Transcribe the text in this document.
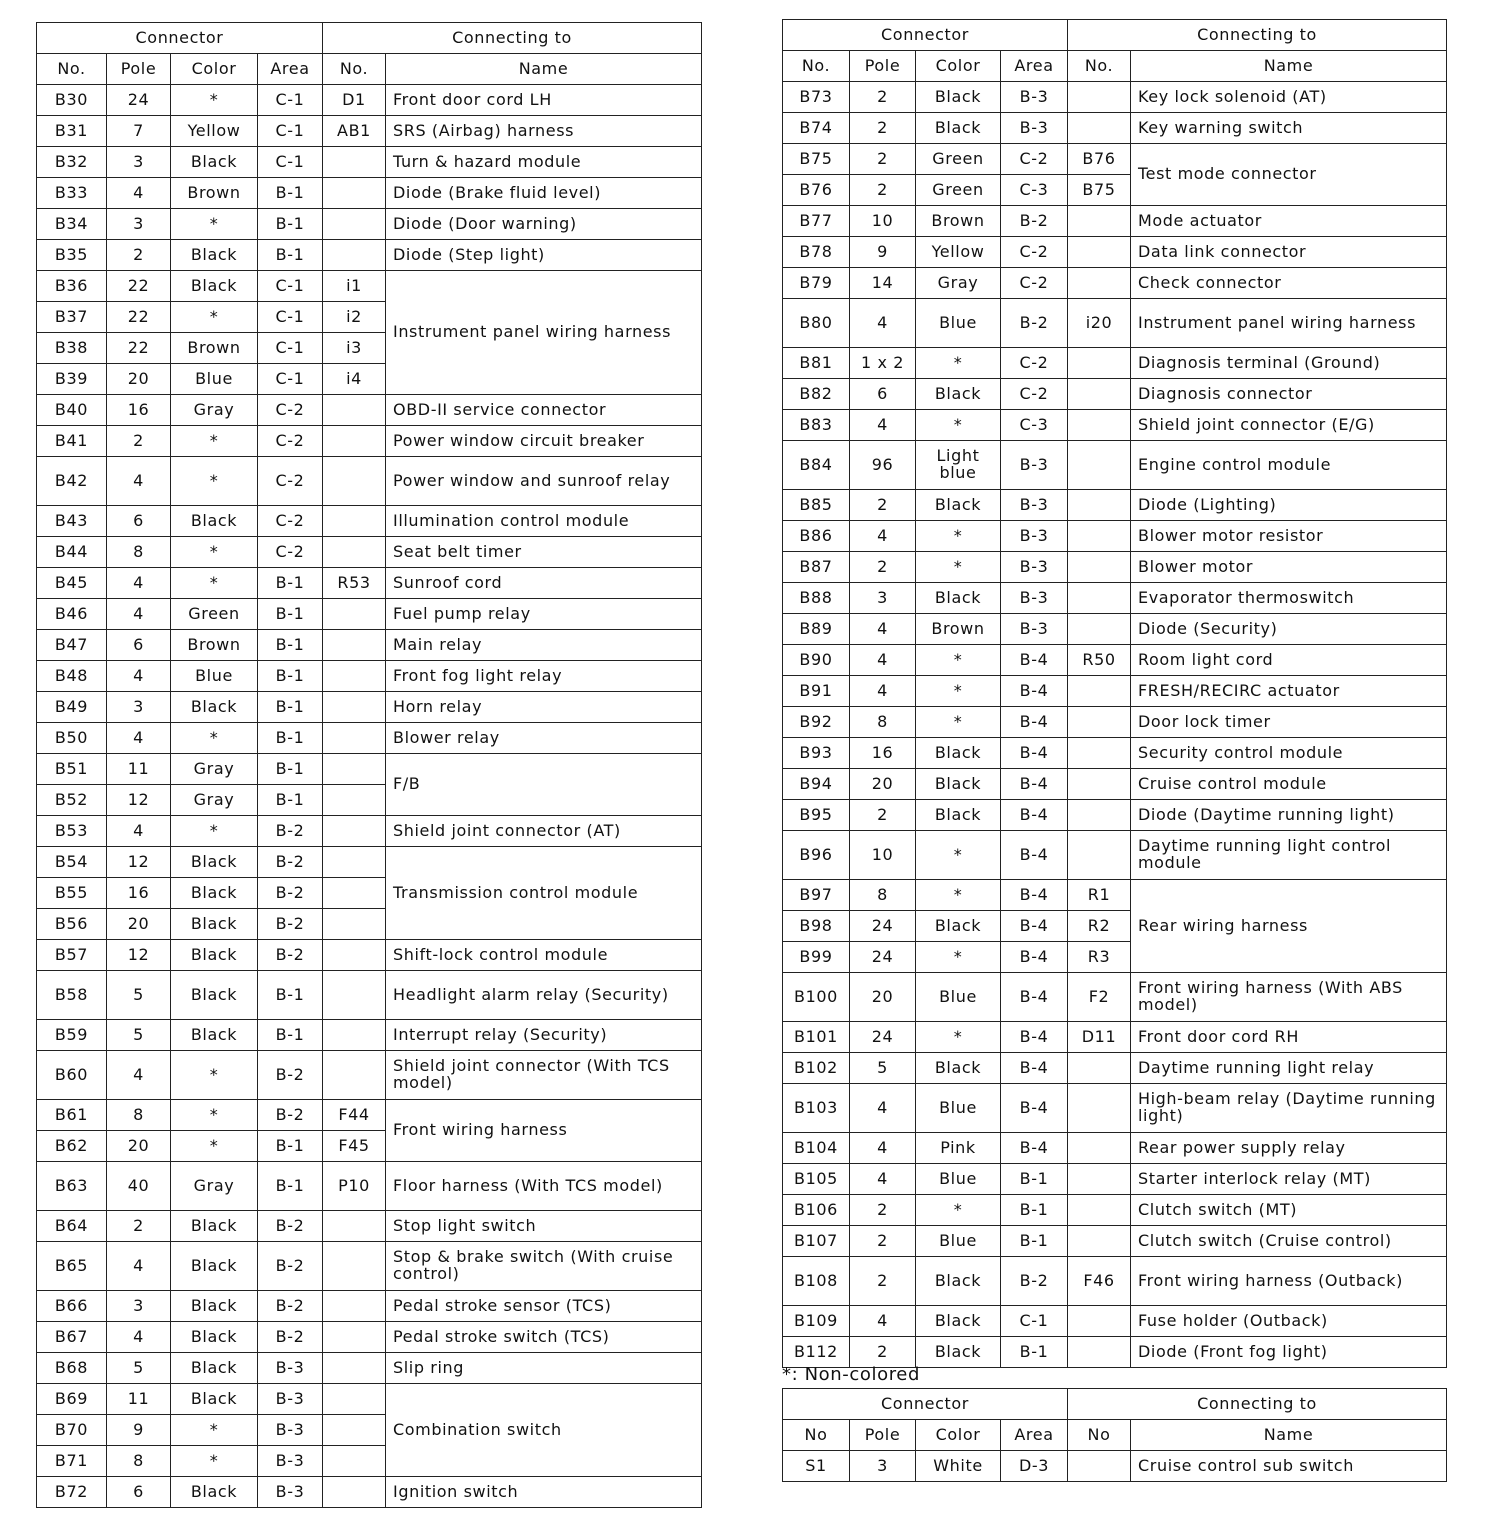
Connector				Connecting to	
No.	Pole	Color	Area	No.	Name
B30	24	*	C-1	D1	Front door cord LH
B31	7	Yellow	C-1	AB1	SRS (Airbag) harness
B32	3	Black	C-1		Turn & hazard module
B33	4	Brown	B-1		Diode (Brake fluid level)
B34	3	*	B-1		Diode (Door warning)
B35	2	Black	B-1		Diode (Step light)
B36	22	Black	C-1	i1	Instrument panel wiring harness
B37	22	*	C-1	i2	
B38	22	Brown	C-1	i3	
B39	20	Blue	C-1	i4	
B40	16	Gray	C-2		OBD-II service connector
B41	2	*	C-2		Power window circuit breaker
B42	4	*	C-2		Power window and sunroof relay
B43	6	Black	C-2		Illumination control module
B44	8	*	C-2		Seat belt timer
B45	4	*	B-1	R53	Sunroof cord
B46	4	Green	B-1		Fuel pump relay
B47	6	Brown	B-1		Main relay
B48	4	Blue	B-1		Front fog light relay
B49	3	Black	B-1		Horn relay
B50	4	*	B-1		Blower relay
B51	11	Gray	B-1		F/B
B52	12	Gray	B-1		
B53	4	*	B-2		Shield joint connector (AT)
B54	12	Black	B-2		Transmission control module
B55	16	Black	B-2		
B56	20	Black	B-2		
B57	12	Black	B-2		Shift-lock control module
B58	5	Black	B-1		Headlight alarm relay (Security)
B59	5	Black	B-1		Interrupt relay (Security)
B60	4	*	B-2		Shield joint connector (With TCS model)
B61	8	*	B-2	F44	Front wiring harness
B62	20	*	B-1	F45	
B63	40	Gray	B-1	P10	Floor harness (With TCS model)
B64	2	Black	B-2		Stop light switch
B65	4	Black	B-2		Stop & brake switch (With cruise control)
B66	3	Black	B-2		Pedal stroke sensor (TCS)
B67	4	Black	B-2		Pedal stroke switch (TCS)
B68	5	Black	B-3		Slip ring
B69	11	Black	B-3		Combination switch
B70	9	*	B-3		
B71	8	*	B-3		
B72	6	Black	B-3		Ignition switch
Connector				Connecting to	
No.	Pole	Color	Area	No.	Name
B73	2	Black	B-3		Key lock solenoid (AT)
B74	2	Black	B-3		Key warning switch
B75	2	Green	C-2	B76	Test mode connector
B76	2	Green	C-3	B75	
B77	10	Brown	B-2		Mode actuator
B78	9	Yellow	C-2		Data link connector
B79	14	Gray	C-2		Check connector
B80	4	Blue	B-2	i20	Instrument panel wiring harness
B81	1 x 2	*	C-2		Diagnosis terminal (Ground)
B82	6	Black	C-2		Diagnosis connector
B83	4	*	C-3		Shield joint connector (E/G)
B84	96	Light blue	B-3		Engine control module
B85	2	Black	B-3		Diode (Lighting)
B86	4	*	B-3		Blower motor resistor
B87	2	*	B-3		Blower motor
B88	3	Black	B-3		Evaporator thermoswitch
B89	4	Brown	B-3		Diode (Security)
B90	4	*	B-4	R50	Room light cord
B91	4	*	B-4		FRESH/RECIRC actuator
B92	8	*	B-4		Door lock timer
B93	16	Black	B-4		Security control module
B94	20	Black	B-4		Cruise control module
B95	2	Black	B-4		Diode (Daytime running light)
B96	10	*	B-4		Daytime running light control module
B97	8	*	B-4	R1	Rear wiring harness
B98	24	Black	B-4	R2	
B99	24	*	B-4	R3	
B100	20	Blue	B-4	F2	Front wiring harness (With ABS model)
B101	24	*	B-4	D11	Front door cord RH
B102	5	Black	B-4		Daytime running light relay
B103	4	Blue	B-4		High-beam relay (Daytime running light)
B104	4	Pink	B-4		Rear power supply relay
B105	4	Blue	B-1		Starter interlock relay (MT)
B106	2	*	B-1		Clutch switch (MT)
B107	2	Blue	B-1		Clutch switch (Cruise control)
B108	2	Black	B-2	F46	Front wiring harness (Outback)
B109	4	Black	C-1		Fuse holder (Outback)
B112	2	Black	B-1		Diode (Front fog light)
*: Non-colored
Connector				Connecting to	
No	Pole	Color	Area	No	Name
S1	3	White	D-3		Cruise control sub switch
